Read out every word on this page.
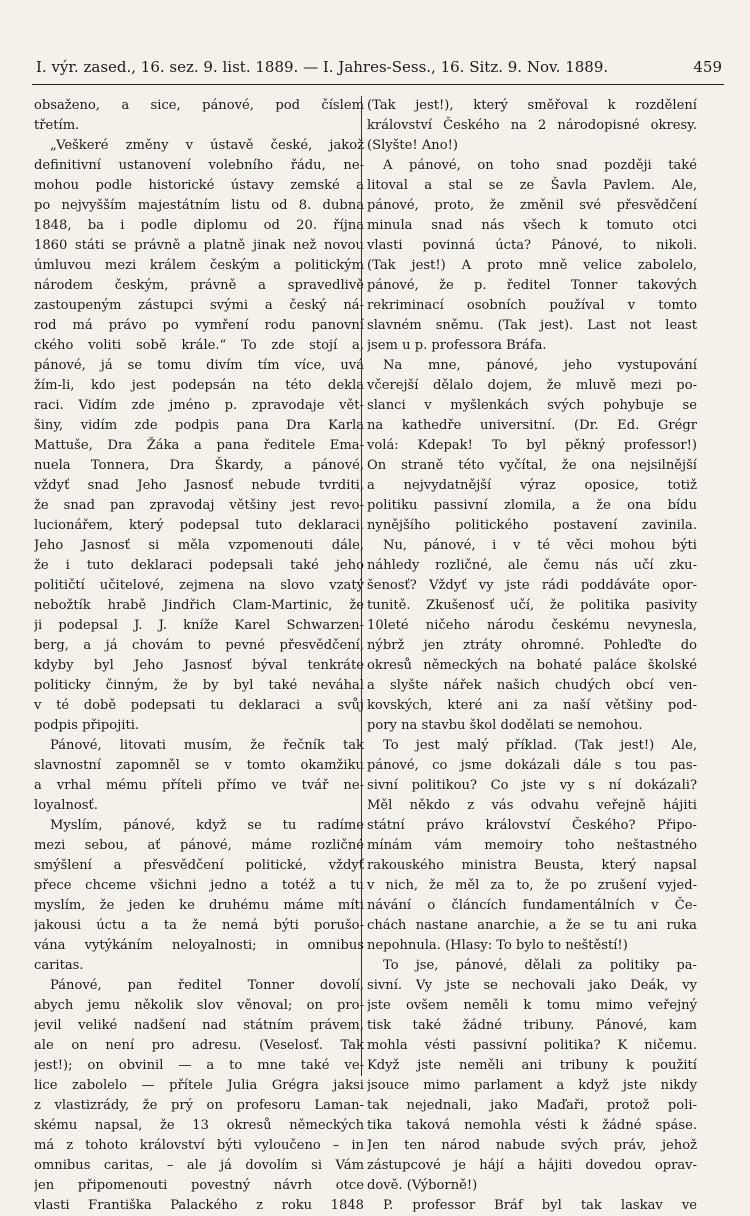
I. výr. zased., 16. sez. 9. list. 1889. — I. Jahres-Sess., 16. Sitz. 9. Nov. 1889.	459
obsaženo, a sice, pánové, pod číslem
třetím.
„Veškeré změny v ústavě české, jakož
definitivní ustanovení volebního řádu, ne-
mohou podle historické ústavy zemské a
po nejvyšším majestátním listu od 8. dubna
1848, ba i podle diplomu od 20. října
1860 státi se právně a platně jinak než novou
úmluvou mezi králem českým a politickým
národem českým, právně a spravedlivě
zastoupeným zástupci svými a český ná-
rod má právo po vymření rodu panovní
ckého voliti sobě krále.“ To zde stojí a,
pánové, já se tomu divím tím více, uvá
žím-li, kdo jest podepsán na této dekla
raci. Vidím zde jméno p. zpravodaje vět-
šiny, vidím zde podpis pana Dra Karla
Mattuše, Dra Žáka a pana ředitele Ema-
nuela Tonnera, Dra Škardy, a pánové,
vždyť snad Jeho Jasnosť nebude tvrditi,
že snad pan zpravodaj většiny jest revo-
lucionářem, který podepsal tuto deklaraci.
Jeho Jasnosť si měla vzpomenouti dále,
že i tuto deklaraci podepsali také jeho
političtí učitelové, zejmena na slovo vzatý
nebožtík hrabě Jindřich Clam-Martinic, že
ji podepsal J. J. kníže Karel Schwarzen-
berg, a já chovám to pevné přesvědčení,
kdyby byl Jeho Jasnosť býval tenkráte
politicky činným, že by byl také neváhal
v té době podepsati tu deklaraci a svůj
podpis připojiti.
Pánové, litovati musím, že řečník tak
slavnostní zapomněl se v tomto okamžiku
a vrhal mému příteli přímo ve tvář ne-
loyalnosť.
Myslím, pánové, když se tu radíme
mezi sebou, ať pánové, máme rozličné
smýšlení a přesvědčení politické, vždyť
přece chceme všichni jedno a totéž a tu
myslím, že jeden ke druhému máme míti
jakousi úctu a ta že nemá býti porušo-
vána vytýkáním neloyalnosti; in omnibus
caritas.
Pánové, pan ředitel Tonner dovolí,
abych jemu několik slov věnoval; on pro-
jevil veliké nadšení nad státním právem,
ale on není pro adresu. (Veselosť. Tak
jest!); on obvinil — a to mne také ve-
lice zabolelo — přítele Julia Grégra jaksi
z vlastizrády, že prý on profesoru Laman-
skému napsal, že 13 okresů německých
má z tohoto království býti vyloučeno – in
omnibus caritas, – ale já dovolím si Vám
jen připomenouti povestný návrh otce
vlasti Františka Palackého z roku 1848
(Tak jest!), který směřoval k rozdělení
království Českého na 2 národopisné okresy.
(Slyšte! Ano!)
A pánové, on toho snad později také
litoval a stal se ze Šavla Pavlem. Ale,
pánové, proto, že změnil své přesvědčení
minula snad nás všech k tomuto otci
vlasti povinná úcta? Pánové, to nikoli.
(Tak jest!) A proto mně velice zabolelo,
pánové, že p. ředitel Tonner takových
rekriminací osobních používal v tomto
slavném sněmu. (Tak jest). Last not least
jsem u p. professora Bráfa.
Na mne, pánové, jeho vystupování
včerejší dělalo dojem, že mluvě mezi po-
slanci v myšlenkách svých pohybuje se
na kathedře universitní. (Dr. Ed. Grégr
volá: Kdepak! To byl pěkný professor!)
On straně této vyčítal, že ona nejsilnější
a nejvydatnější výraz oposice, totiž
politiku passivní zlomila, a že ona bídu
nynějšího politického postavení zavinila.
Nu, pánové, i v té věci mohou býti
náhledy rozličné, ale čemu nás učí zku-
šenosť? Vždyť vy jste rádi poddáváte opor-
tunitě. Zkušenosť učí, že politika pasivity
10leté ničeho národu českému nevynesla,
nýbrž jen ztráty ohromné. Pohleďte do
okresů německých na bohaté paláce školské
a slyšte nářek našich chudých obcí ven-
kovských, které ani za naší většiny pod-
pory na stavbu škol dodělati se nemohou.
To jest malý příklad. (Tak jest!) Ale,
pánové, co jsme dokázali dále s tou pas-
sivní politikou? Co jste vy s ní dokázali?
Měl někdo z vás odvahu veřejně hájiti
státní právo království Českého? Připo-
mínám vám memoiry toho neštastného
rakouského ministra Beusta, který napsal
v nich, že měl za to, že po zrušení vyjed-
návání o článcích fundamentálních v Če-
chách nastane anarchie, a že se tu ani ruka
nepohnula. (Hlasy: To bylo to neštěstí!)
To jse, pánové, dělali za politiky pa-
sivní. Vy jste se nechovali jako Deák, vy
jste ovšem neměli k tomu mimo veřejný
tisk také žádné tribuny. Pánové, kam
mohla vésti passivní politika? K ničemu.
Když jste neměli ani tribuny k použití
jsouce mimo parlament a když jste nikdy
tak nejednali, jako Maďaři, protož poli-
tika taková nemohla vésti k žádné spáse.
Jen ten národ nabude svých práv, jehož
zástupcové je hájí a hájiti dovedou oprav-
dově. (Výborně!)
P. professor Bráf byl tak laskav ve
